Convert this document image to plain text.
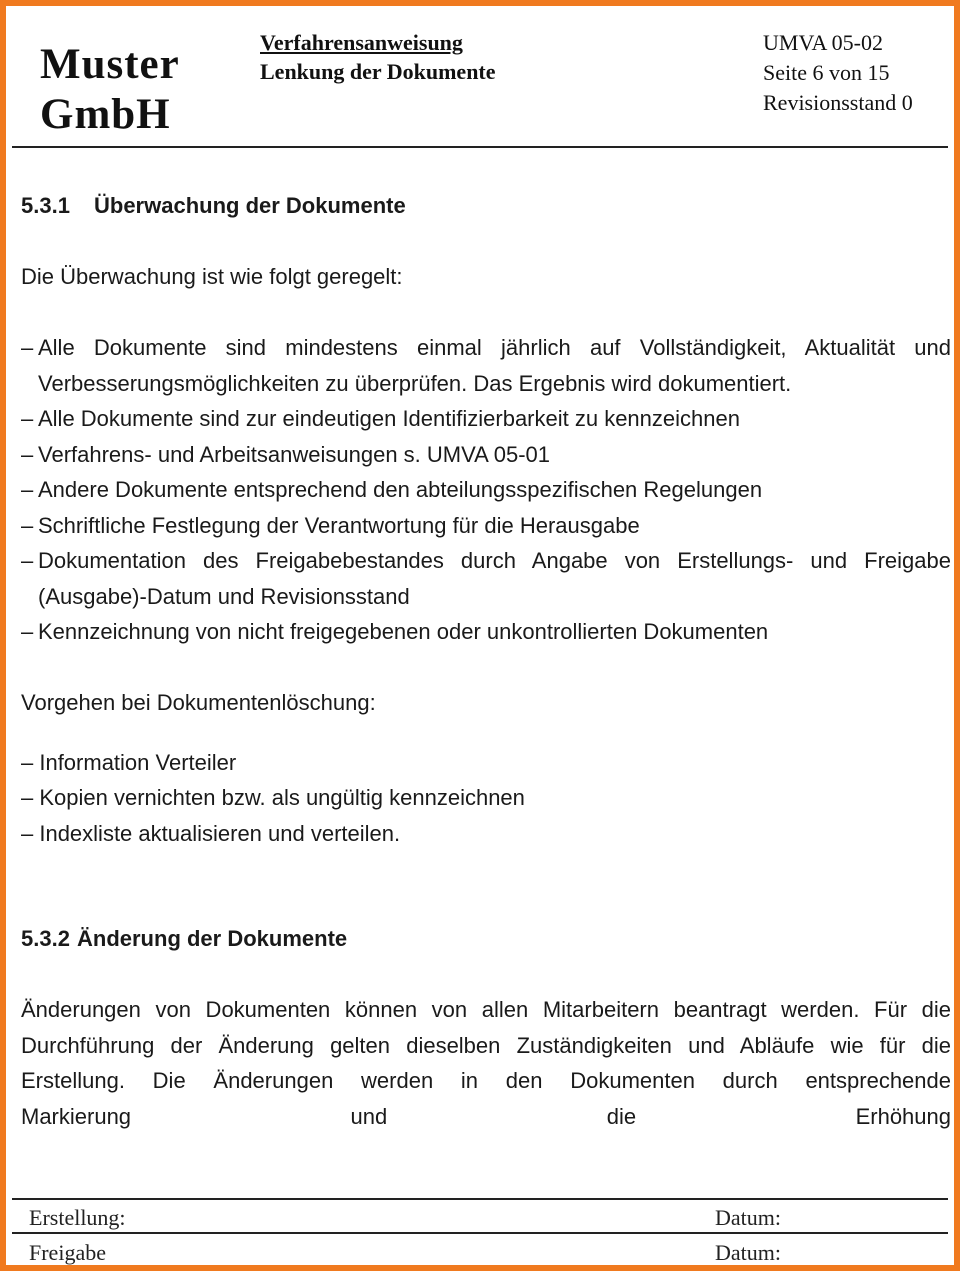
Muster
GmbH
Verfahrensanweisung
Lenkung der Dokumente
UMVA 05-02
Seite 6 von 15
Revisionsstand 0

5.3.1 Überwachung der Dokumente

Die Überwachung ist wie folgt geregelt:

– Alle Dokumente sind mindestens einmal jährlich auf Vollständigkeit, Aktualität und Verbesserungsmöglichkeiten zu überprüfen. Das Ergebnis wird dokumentiert.
– Alle Dokumente sind zur eindeutigen Identifizierbarkeit zu kennzeichnen
– Verfahrens- und Arbeitsanweisungen s. UMVA 05-01
– Andere Dokumente entsprechend den abteilungsspezifischen Regelungen
– Schriftliche Festlegung der Verantwortung für die Herausgabe
– Dokumentation des Freigabebestandes durch Angabe von Erstellungs- und Freigabe (Ausgabe)-Datum und Revisionsstand
– Kennzeichnung von nicht freigegebenen oder unkontrollierten Dokumenten

Vorgehen bei Dokumentenlöschung:

– Information Verteiler
– Kopien vernichten bzw. als ungültig kennzeichnen
– Indexliste aktualisieren und verteilen.

5.3.2 Änderung der Dokumente

Änderungen von Dokumenten können von allen Mitarbeitern beantragt werden. Für die Durchführung der Änderung gelten dieselben Zuständigkeiten und Abläufe wie für die Erstellung. Die Änderungen werden in den Dokumenten durch entsprechende
Markierung	und	die	Erhöhung
Erstellung:	Datum:
Freigabe	Datum:
